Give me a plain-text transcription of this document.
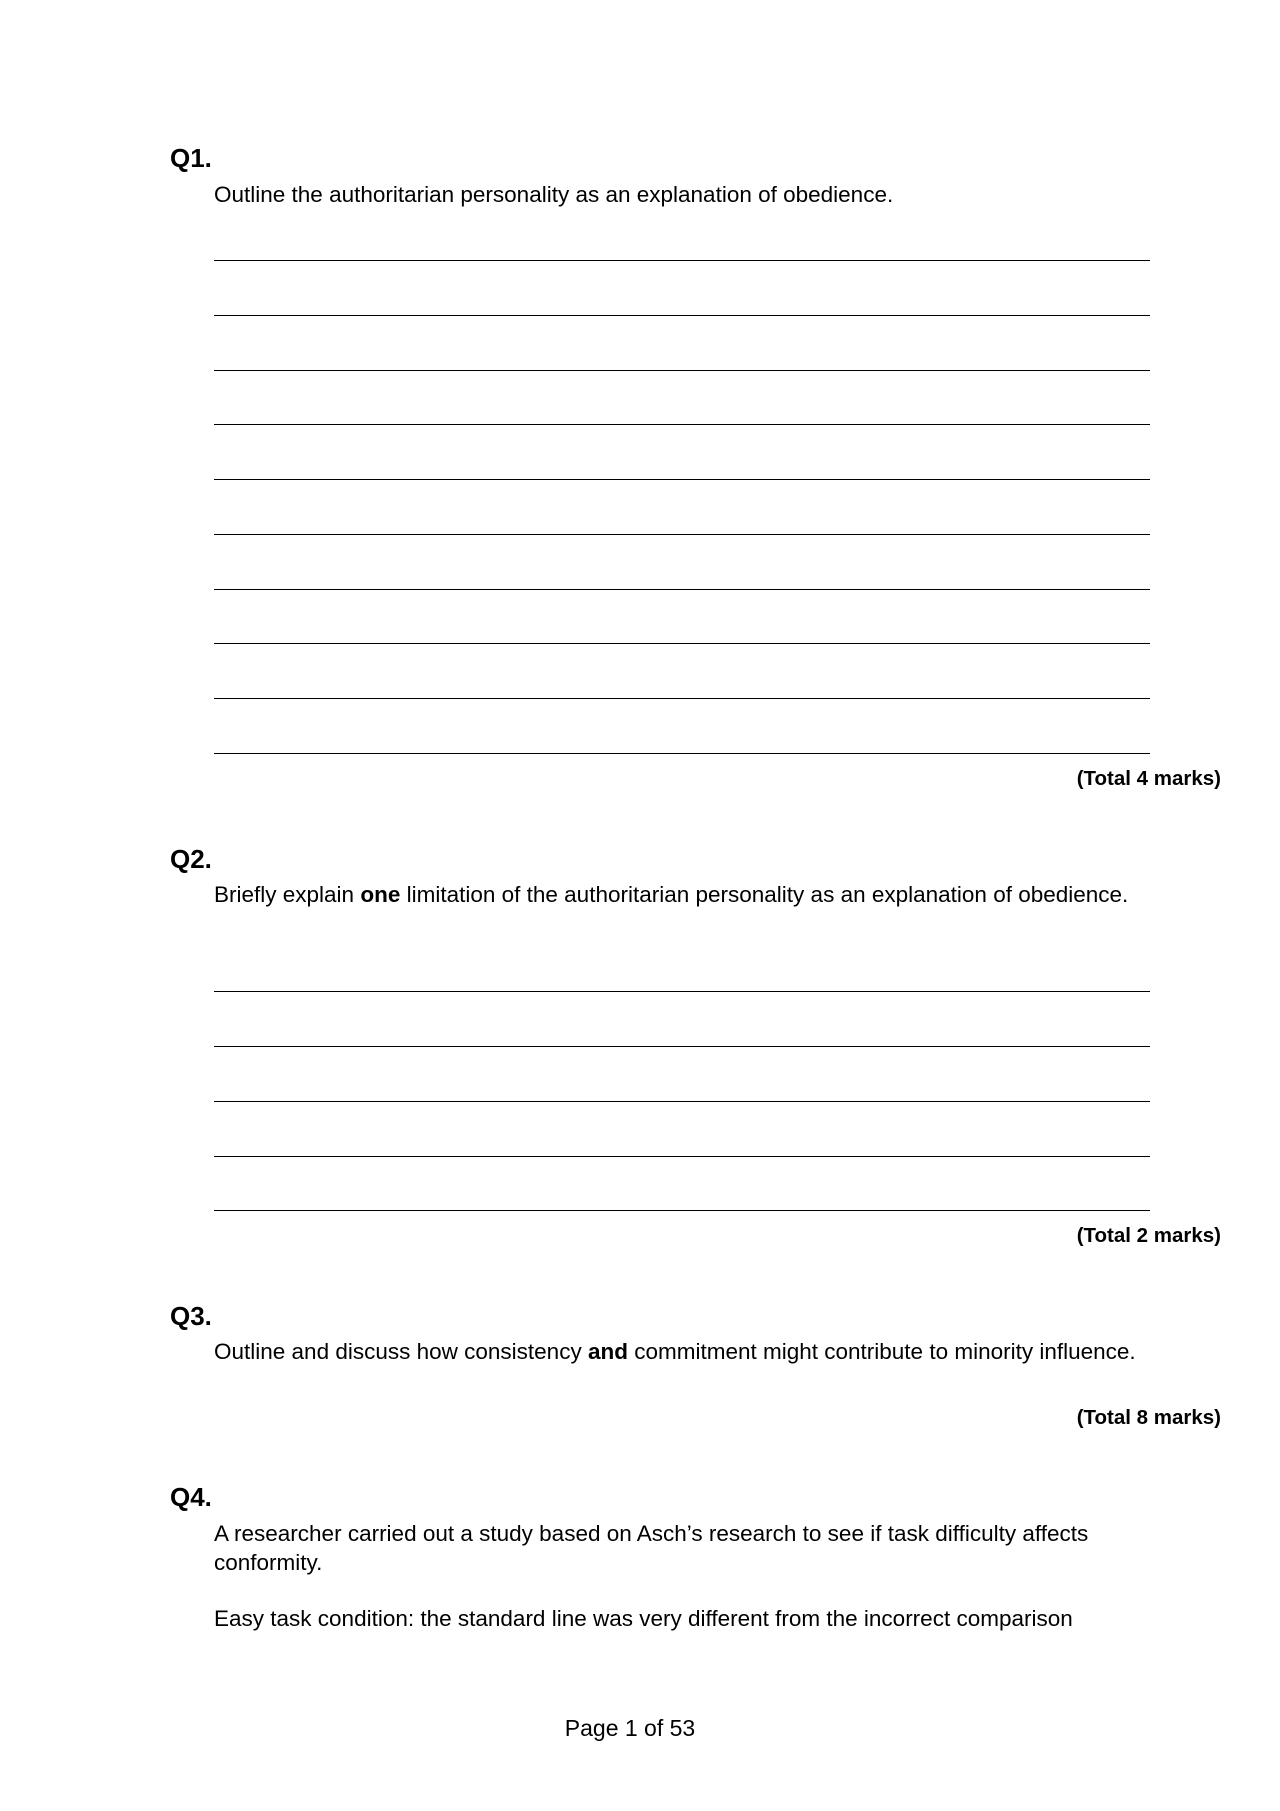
Q1.
Outline the authoritarian personality as an explanation of obedience.
(Total 4 marks)
Q2.
Briefly explain one limitation of the authoritarian personality as an explanation of obedience.
(Total 2 marks)
Q3.
Outline and discuss how consistency and commitment might contribute to minority influence.
(Total 8 marks)
Q4.
A researcher carried out a study based on Asch’s research to see if task difficulty affects conformity.
Easy task condition: the standard line was very different from the incorrect comparison
Page 1 of 53
